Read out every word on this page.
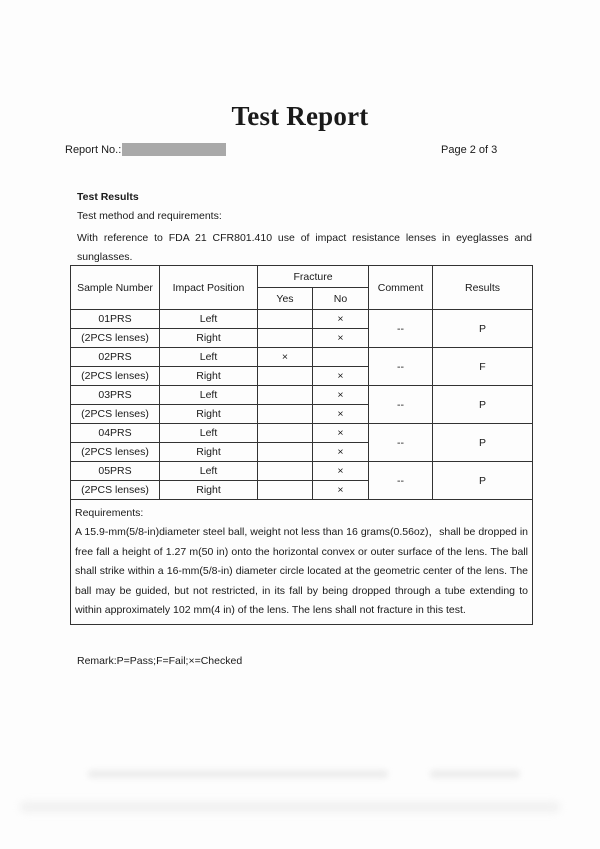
Test Report
Report No.:	Page 2 of 3
Test Results
Test method and requirements:
With reference to FDA 21 CFR801.410 use of impact resistance lenses in eyeglasses and
sunglasses.
Sample Number	Impact Position	Fracture		Comment	Results
		Yes	No		
01PRS	Left		×	--	P
(2PCS lenses)	Right		×		
02PRS	Left	×		--	F
(2PCS lenses)	Right		×		
03PRS	Left		×	--	P
(2PCS lenses)	Right		×		
04PRS	Left		×	--	P
(2PCS lenses)	Right		×		
05PRS	Left		×	--	P
(2PCS lenses)	Right		×		

Requirements:
A 15.9-mm(5/8-in)diameter steel ball, weight not less than 16 grams(0.56oz)，shall be dropped in free fall a height of 1.27 m(50 in) onto the horizontal convex or outer surface of the lens. The ball shall strike within a 16-mm(5/8-in) diameter circle located at the geometric center of the lens. The ball may be guided, but not restricted, in its fall by being dropped through a tube extending to within approximately 102 mm(4 in) of the lens. The lens shall not fracture in this test.					
Remark:P=Pass;F=Fail;×=Checked
